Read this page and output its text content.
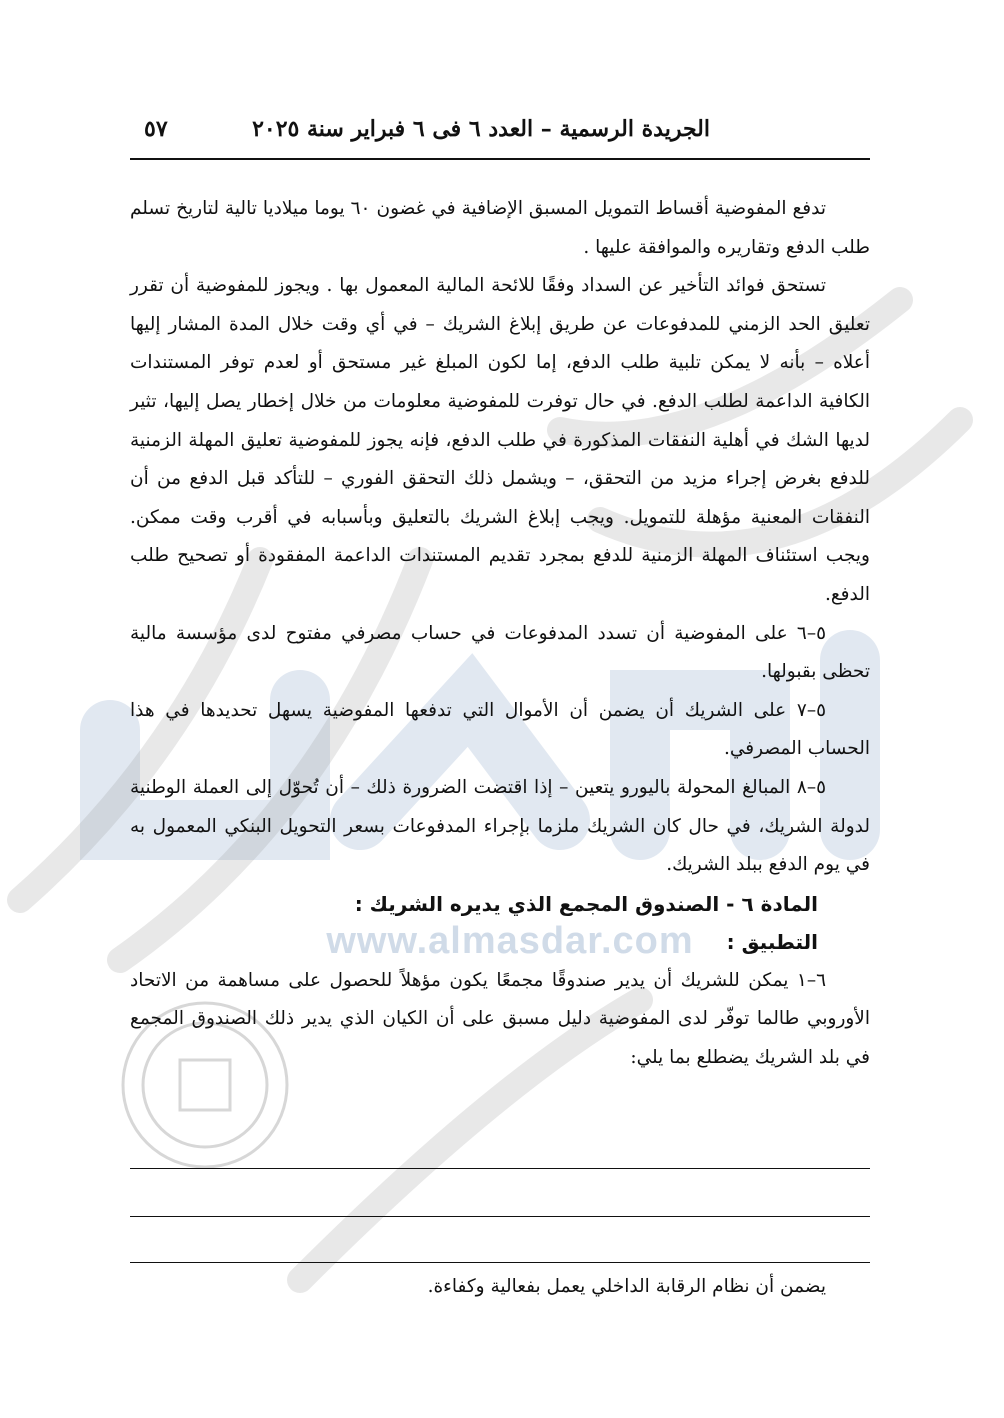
www.almasdar.com
الجريدة الرسمية – العدد ٦ فى ٦ فبراير سنة ٢٠٢٥
٥٧

تدفع المفوضية أقساط التمويل المسبق الإضافية في غضون ٦٠ يوما ميلاديا تالية لتاريخ تسلم طلب الدفع وتقاريره والموافقة عليها .

تستحق فوائد التأخير عن السداد وفقًا للائحة المالية المعمول بها . ويجوز للمفوضية أن تقرر تعليق الحد الزمني للمدفوعات عن طريق إبلاغ الشريك – في أي وقت خلال المدة المشار إليها أعلاه – بأنه لا يمكن تلبية طلب الدفع، إما لكون المبلغ غير مستحق أو لعدم توفر المستندات الكافية الداعمة لطلب الدفع. في حال توفرت للمفوضية معلومات من خلال إخطار يصل إليها، تثير لديها الشك في أهلية النفقات المذكورة في طلب الدفع، فإنه يجوز للمفوضية تعليق المهلة الزمنية للدفع بغرض إجراء مزيد من التحقق، – ويشمل ذلك التحقق الفوري – للتأكد قبل الدفع من أن النفقات المعنية مؤهلة للتمويل. ويجب إبلاغ الشريك بالتعليق وبأسبابه في أقرب وقت ممكن. ويجب استئناف المهلة الزمنية للدفع بمجرد تقديم المستندات الداعمة المفقودة أو تصحيح طلب الدفع.

٥–٦ على المفوضية أن تسدد المدفوعات في حساب مصرفي مفتوح لدى مؤسسة مالية تحظى بقبولها.

٥–٧ على الشريك أن يضمن أن الأموال التي تدفعها المفوضية يسهل تحديدها في هذا الحساب المصرفي.

٥–٨ المبالغ المحولة باليورو يتعين – إذا اقتضت الضرورة ذلك – أن تُحوّل إلى العملة الوطنية لدولة الشريك، في حال كان الشريك ملزما بإجراء المدفوعات بسعر التحويل البنكي المعمول به في يوم الدفع ببلد الشريك.

المادة ٦ - الصندوق المجمع الذي يديره الشريك :

التطبيق :

٦–١ يمكن للشريك أن يدير صندوقًا مجمعًا يكون مؤهلاً للحصول على مساهمة من الاتحاد الأوروبي طالما توفّر لدى المفوضية دليل مسبق على أن الكيان الذي يدير ذلك الصندوق المجمع في بلد الشريك يضطلع بما يلي:

يضمن أن نظام الرقابة الداخلي يعمل بفعالية وكفاءة.
